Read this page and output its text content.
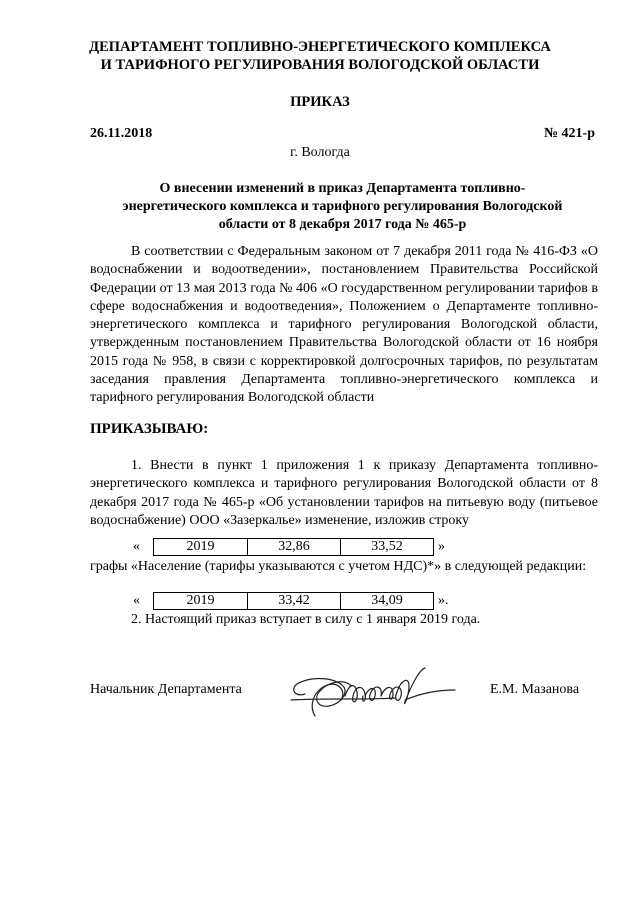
ДЕПАРТАМЕНТ ТОПЛИВНО-ЭНЕРГЕТИЧЕСКОГО КОМПЛЕКСА
И ТАРИФНОГО РЕГУЛИРОВАНИЯ ВОЛОГОДСКОЙ ОБЛАСТИ
ПРИКАЗ
26.11.2018	№ 421-р
г. Вологда
О внесении изменений в приказ Департамента топливно-
энергетического комплекса и тарифного регулирования Вологодской
области от 8 декабря 2017 года № 465-р
В соответствии с Федеральным законом от 7 декабря 2011 года № 416-ФЗ «О водоснабжении и водоотведении», постановлением Правительства Российской Федерации от 13 мая 2013 года № 406 «О государственном регулировании тарифов в сфере водоснабжения и водоотведения», Положением о Департаменте топливно-энергетического комплекса и тарифного регулирования Вологодской области, утвержденным постановлением Правительства Вологодской области от 16 ноября 2015 года № 958, в связи с корректировкой долгосрочных тарифов, по результатам заседания правления Департамента топливно-энергетического комплекса и тарифного регулирования Вологодской области
ПРИКАЗЫВАЮ:
1. Внести в пункт 1 приложения 1 к приказу Департамента топливно-энергетического комплекса и тарифного регулирования Вологодской области от 8 декабря 2017 года № 465-р «Об установлении тарифов на питьевую воду (питьевое водоснабжение) ООО «Зазеркалье» изменение, изложив строку
«	2019	32,86	33,52	»
графы «Население (тарифы указываются с учетом НДС)*» в следующей редакции:
«	2019	33,42	34,09	».
2. Настоящий приказ вступает в силу с 1 января 2019 года.
Начальник Департамента	Е.М. Мазанова
